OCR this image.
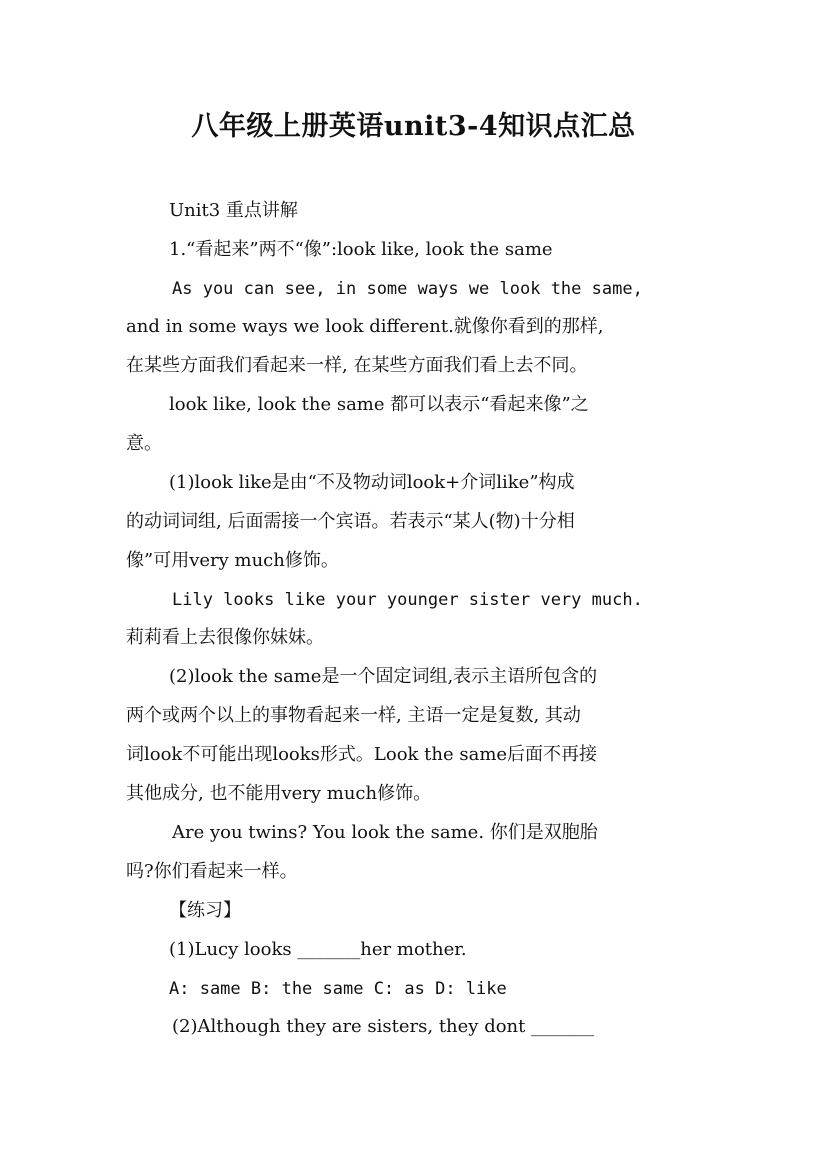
八年级上册英语unit3-4知识点汇总
Unit3 重点讲解
1.“看起来”两不“像”:look like, look the same
As you can see, in some ways we look the same,
and in some ways we look different.就像你看到的那样,
在某些方面我们看起来一样, 在某些方面我们看上去不同。
look like, look the same 都可以表示“看起来像”之
意。
(1)look like是由“不及物动词look+介词like”构成
的动词词组, 后面需接一个宾语。若表示“某人(物)十分相
像”可用very much修饰。
Lily looks like your younger sister very much.
莉莉看上去很像你妹妹。
(2)look the same是一个固定词组,表示主语所包含的
两个或两个以上的事物看起来一样, 主语一定是复数, 其动
词look不可能出现looks形式。Look the same后面不再接
其他成分, 也不能用very much修饰。
Are you twins? You look the same. 你们是双胞胎
吗?你们看起来一样。
【练习】
(1)Lucy looks _______her mother.
A: same B: the same C: as D: like
(2)Although they are sisters, they dont _______
